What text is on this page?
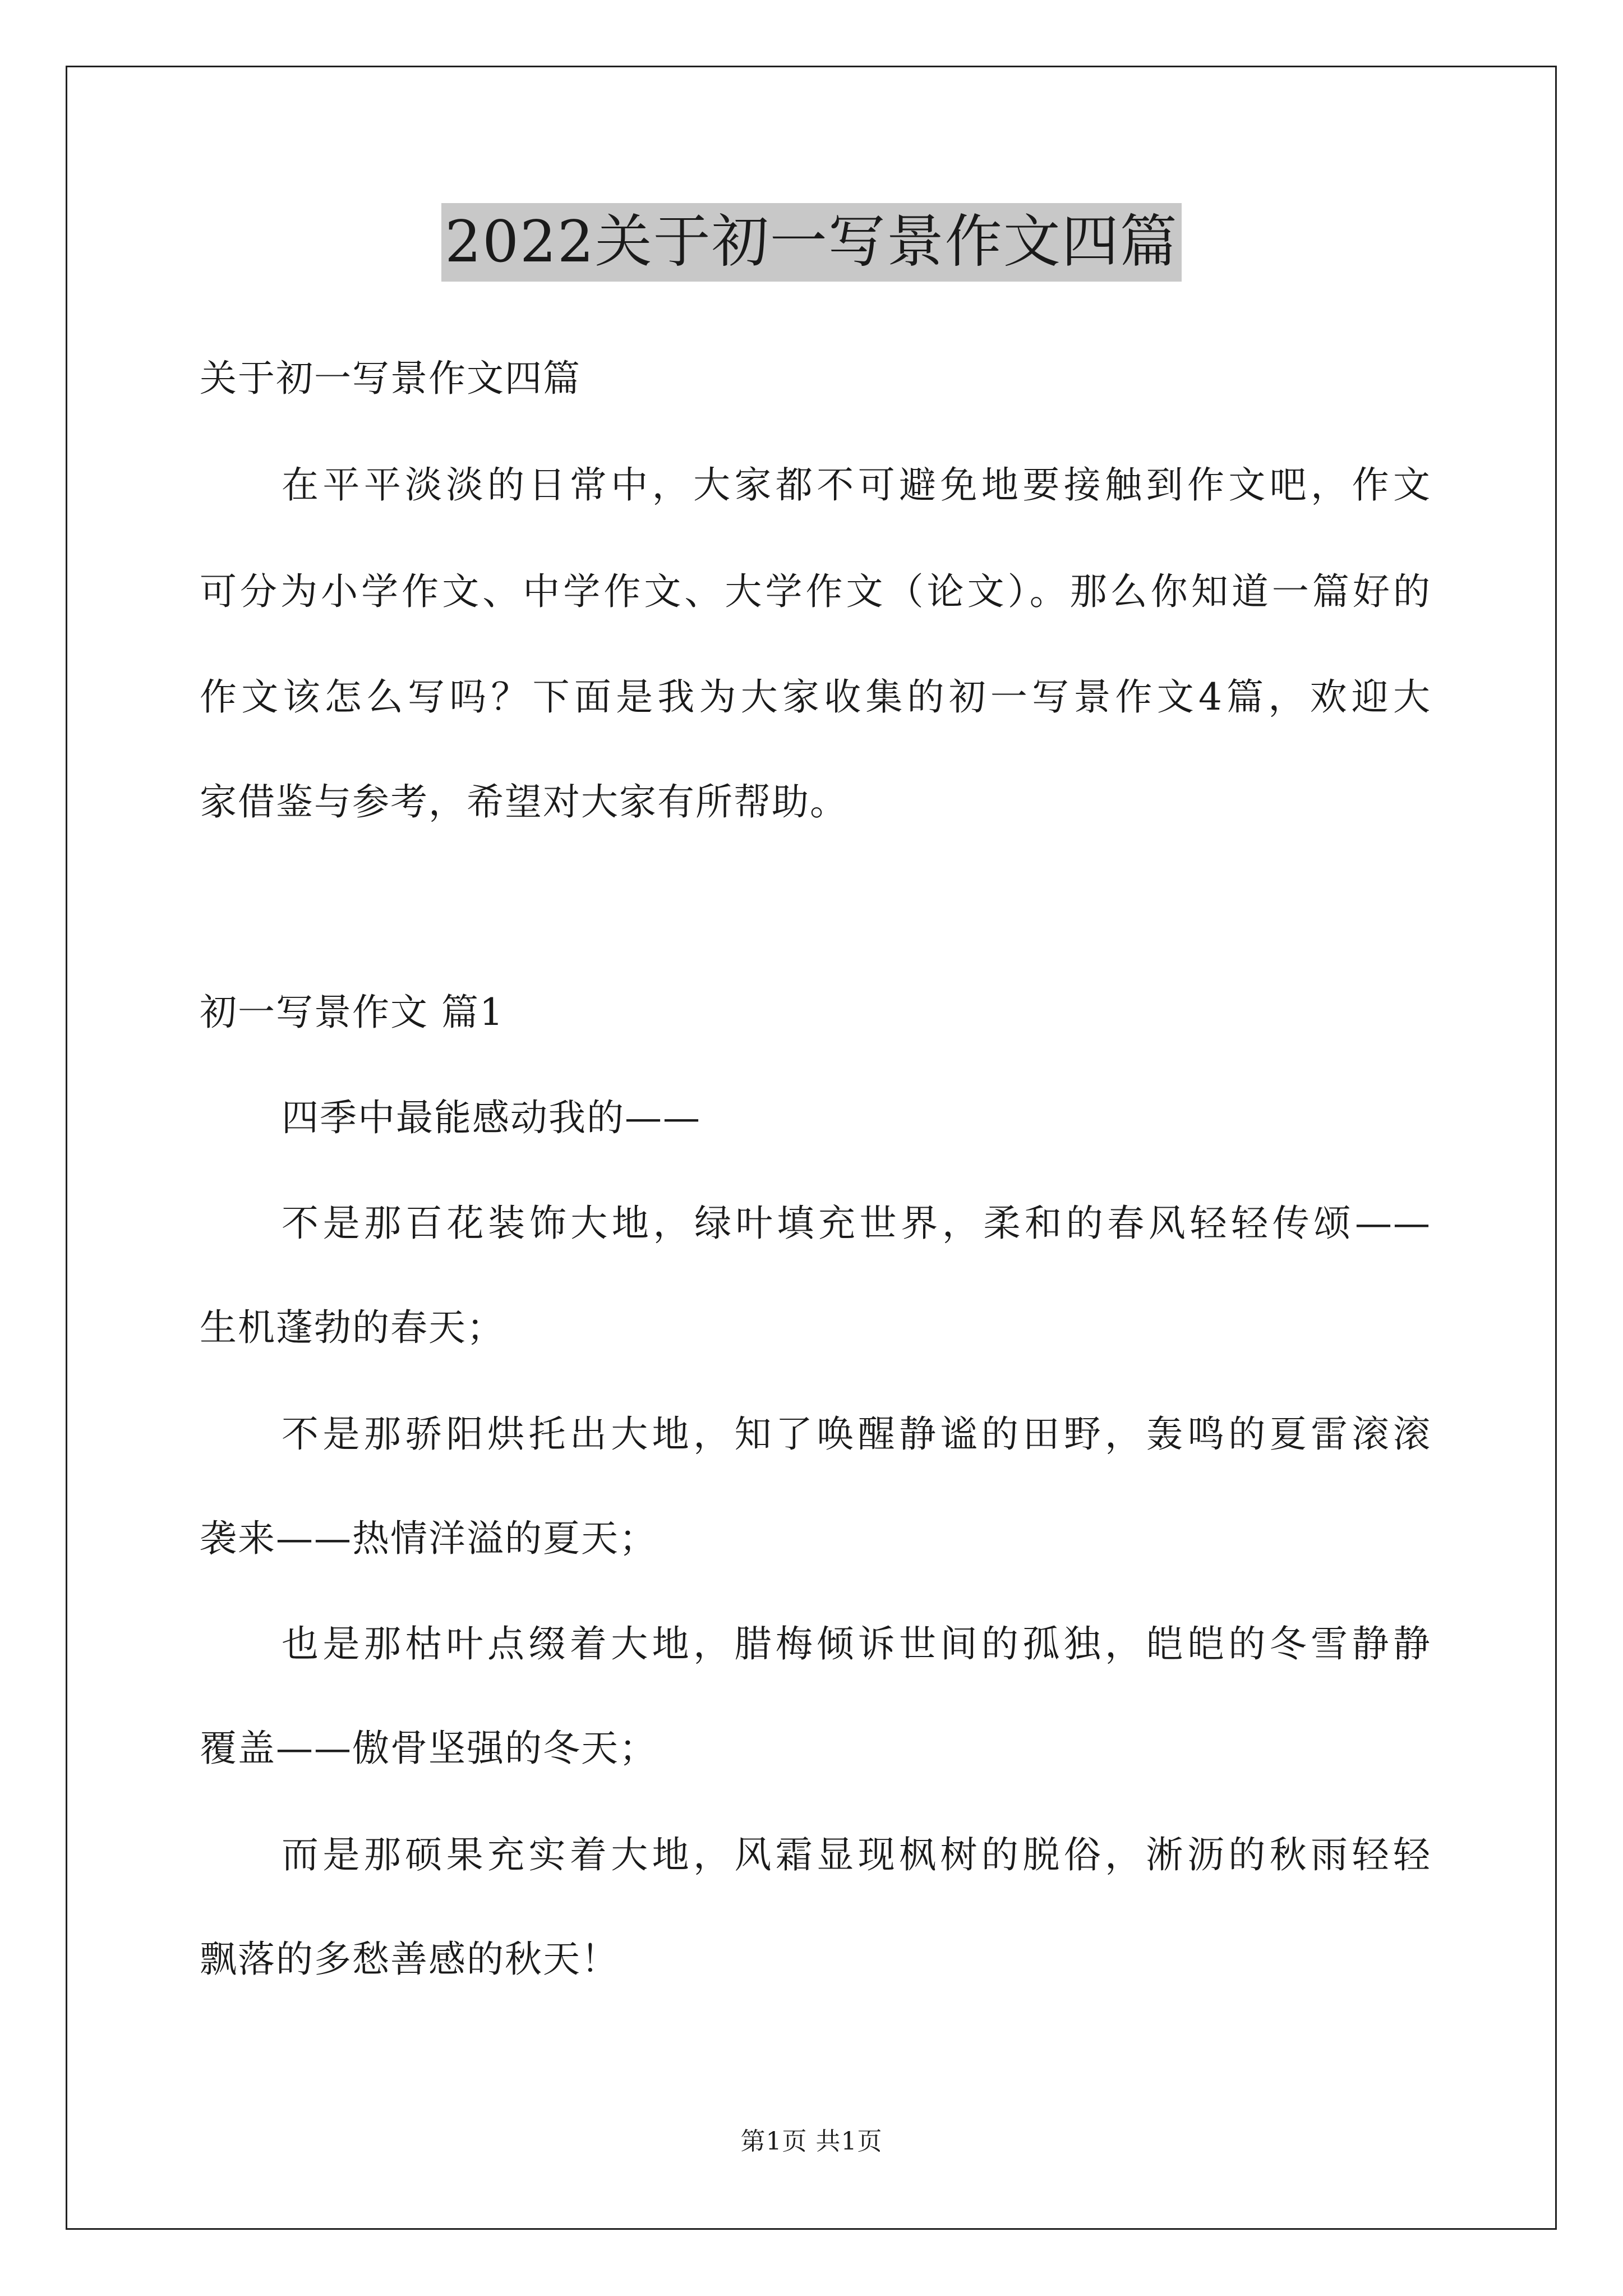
2022关于初一写景作文四篇
关于初一写景作文四篇
在平平淡淡的日常中，大家都不可避免地要接触到作文吧，作文
可分为小学作文、中学作文、大学作文（论文）。那么你知道一篇好的
作文该怎么写吗？下面是我为大家收集的初一写景作文4篇，欢迎大
家借鉴与参考，希望对大家有所帮助。
初一写景作文 篇1
四季中最能感动我的——
不是那百花装饰大地，绿叶填充世界，柔和的春风轻轻传颂——
生机蓬勃的春天；
不是那骄阳烘托出大地，知了唤醒静谧的田野，轰鸣的夏雷滚滚
袭来——热情洋溢的夏天；
也是那枯叶点缀着大地，腊梅倾诉世间的孤独，皑皑的冬雪静静
覆盖——傲骨坚强的冬天；
而是那硕果充实着大地，风霜显现枫树的脱俗，淅沥的秋雨轻轻
飘落的多愁善感的秋天！
第1页 共1页
